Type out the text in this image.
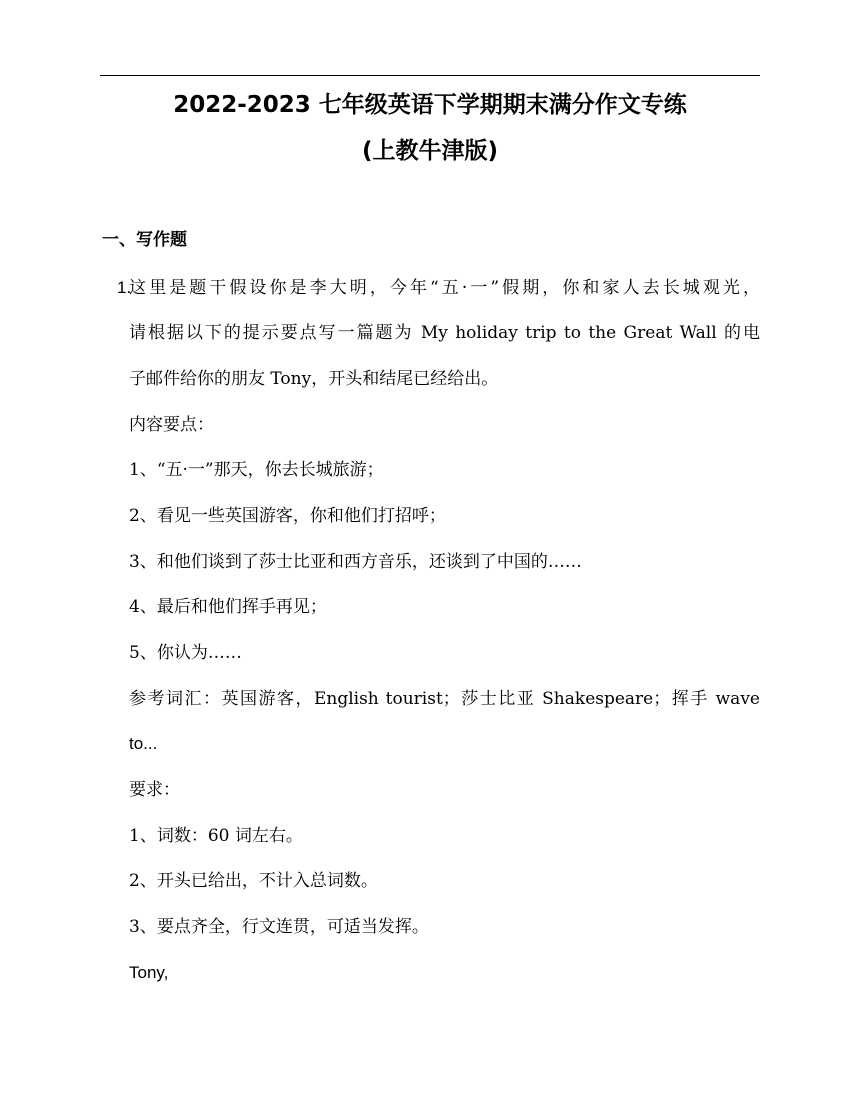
2022-2023 七年级英语下学期期末满分作文专练
(上教牛津版)
一、写作题
1.

这里是题干假设你是李大明，今年“五·一”假期，你和家人去长城观光，

请根据以下的提示要点写一篇题为 My holiday trip to the Great Wall 的电

子邮件给你的朋友 Tony，开头和结尾已经给出。

内容要点：

1、“五·一”那天，你去长城旅游；

2、看见一些英国游客，你和他们打招呼；

3、和他们谈到了莎士比亚和西方音乐，还谈到了中国的……

4、最后和他们挥手再见；

5、你认为……

参考词汇：英国游客，English tourist；莎士比亚 Shakespeare；挥手 wave

to...

要求：

1、词数：60 词左右。

2、开头已给出，不计入总词数。

3、要点齐全，行文连贯，可适当发挥。

Tony,
